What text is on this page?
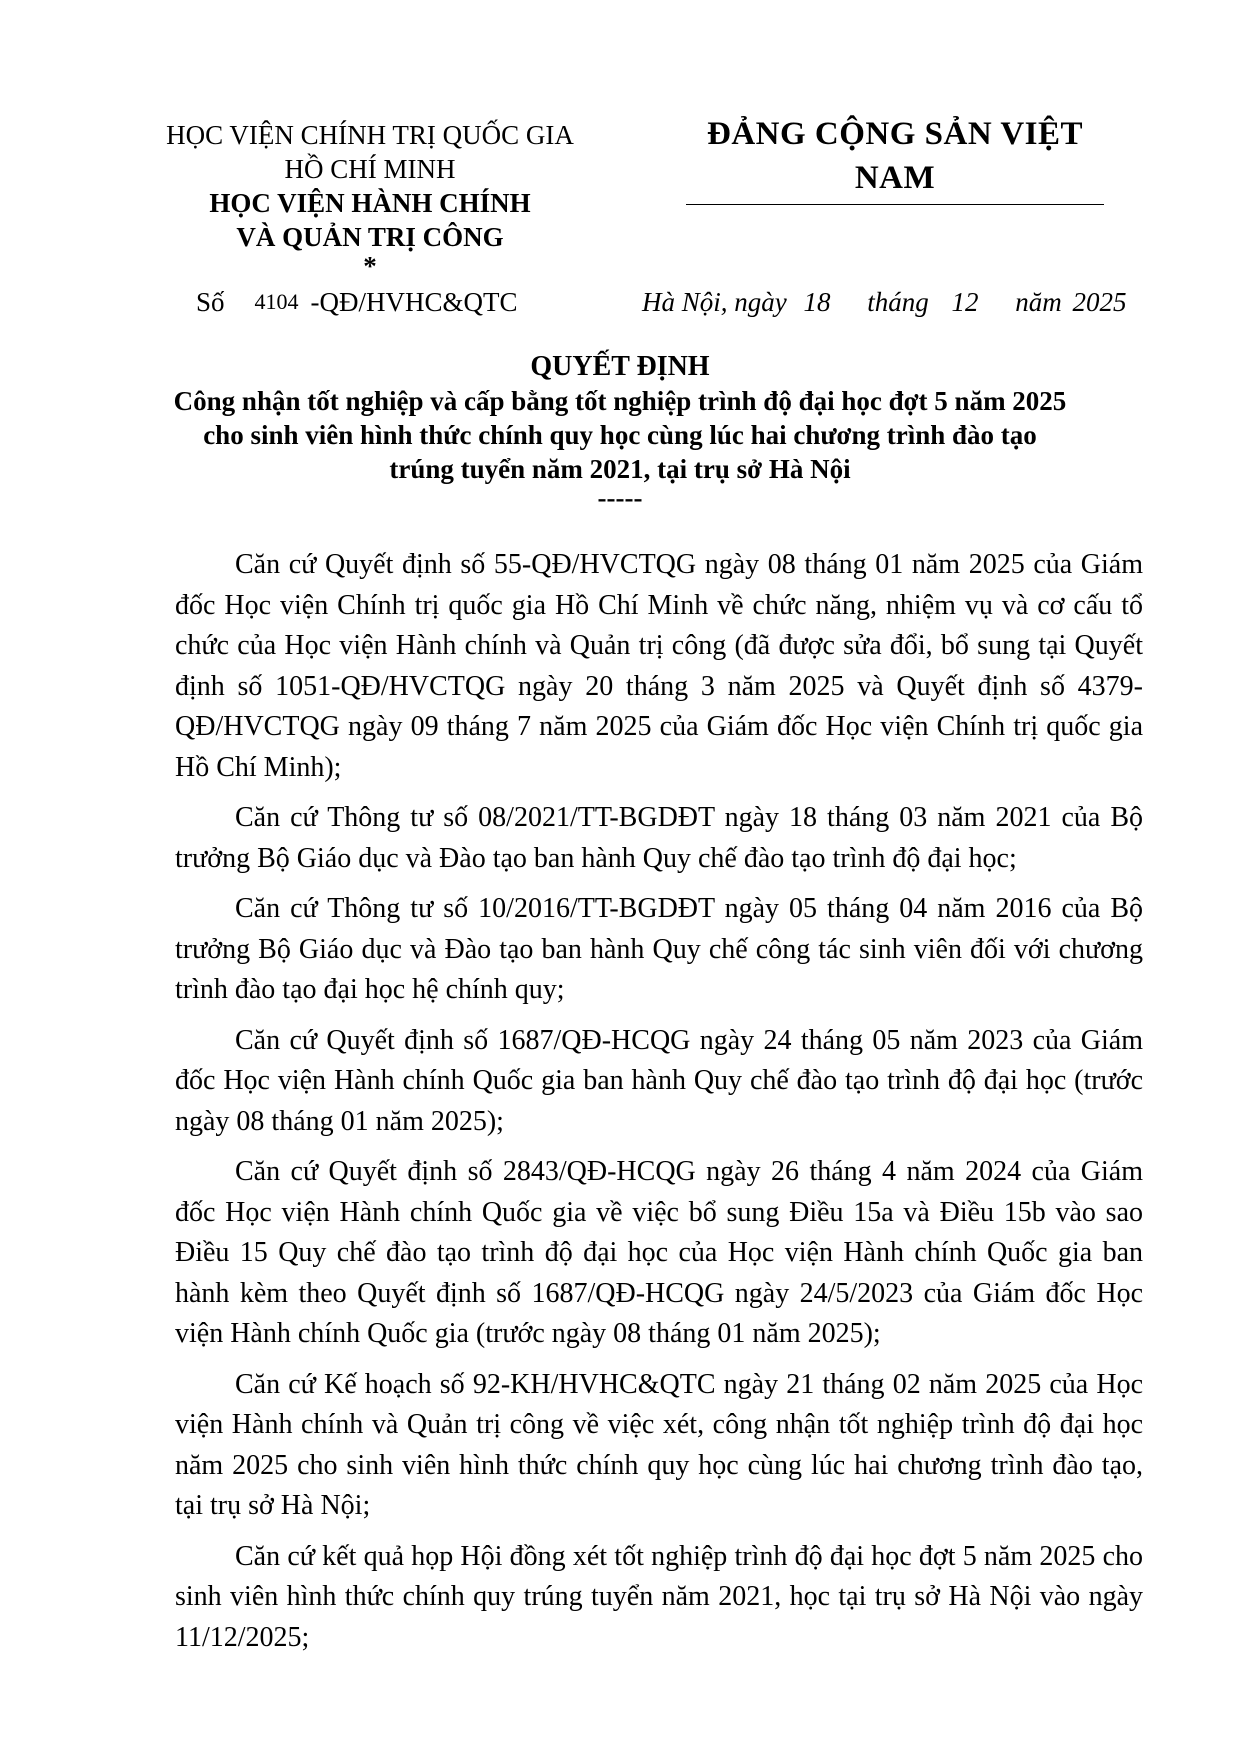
HỌC VIỆN CHÍNH TRỊ QUỐC GIA
HỒ CHÍ MINH
HỌC VIỆN HÀNH CHÍNH
VÀ QUẢN TRỊ CÔNG
*
ĐẢNG CỘNG SẢN VIỆT NAM
Số 4104 -QĐ/HVHC&QTC	Hà Nội, ngày 18 tháng 12 năm 2025
QUYẾT ĐỊNH
Công nhận tốt nghiệp và cấp bằng tốt nghiệp trình độ đại học đợt 5 năm 2025
cho sinh viên hình thức chính quy học cùng lúc hai chương trình đào tạo
trúng tuyển năm 2021, tại trụ sở Hà Nội
-----

Căn cứ Quyết định số 55-QĐ/HVCTQG ngày 08 tháng 01 năm 2025 của Giám đốc Học viện Chính trị quốc gia Hồ Chí Minh về chức năng, nhiệm vụ và cơ cấu tổ chức của Học viện Hành chính và Quản trị công (đã được sửa đổi, bổ sung tại Quyết định số 1051-QĐ/HVCTQG ngày 20 tháng 3 năm 2025 và Quyết định số 4379-QĐ/HVCTQG ngày 09 tháng 7 năm 2025 của Giám đốc Học viện Chính trị quốc gia Hồ Chí Minh);

Căn cứ Thông tư số 08/2021/TT-BGDĐT ngày 18 tháng 03 năm 2021 của Bộ trưởng Bộ Giáo dục và Đào tạo ban hành Quy chế đào tạo trình độ đại học;

Căn cứ Thông tư số 10/2016/TT-BGDĐT ngày 05 tháng 04 năm 2016 của Bộ trưởng Bộ Giáo dục và Đào tạo ban hành Quy chế công tác sinh viên đối với chương trình đào tạo đại học hệ chính quy;

Căn cứ Quyết định số 1687/QĐ-HCQG ngày 24 tháng 05 năm 2023 của Giám đốc Học viện Hành chính Quốc gia ban hành Quy chế đào tạo trình độ đại học (trước ngày 08 tháng 01 năm 2025);

Căn cứ Quyết định số 2843/QĐ-HCQG ngày 26 tháng 4 năm 2024 của Giám đốc Học viện Hành chính Quốc gia về việc bổ sung Điều 15a và Điều 15b vào sao Điều 15 Quy chế đào tạo trình độ đại học của Học viện Hành chính Quốc gia ban hành kèm theo Quyết định số 1687/QĐ-HCQG ngày 24/5/2023 của Giám đốc Học viện Hành chính Quốc gia (trước ngày 08 tháng 01 năm 2025);

Căn cứ Kế hoạch số 92-KH/HVHC&QTC ngày 21 tháng 02 năm 2025 của Học viện Hành chính và Quản trị công về việc xét, công nhận tốt nghiệp trình độ đại học năm 2025 cho sinh viên hình thức chính quy học cùng lúc hai chương trình đào tạo, tại trụ sở Hà Nội;

Căn cứ kết quả họp Hội đồng xét tốt nghiệp trình độ đại học đợt 5 năm 2025 cho sinh viên hình thức chính quy trúng tuyển năm 2021, học tại trụ sở Hà Nội vào ngày 11/12/2025;
